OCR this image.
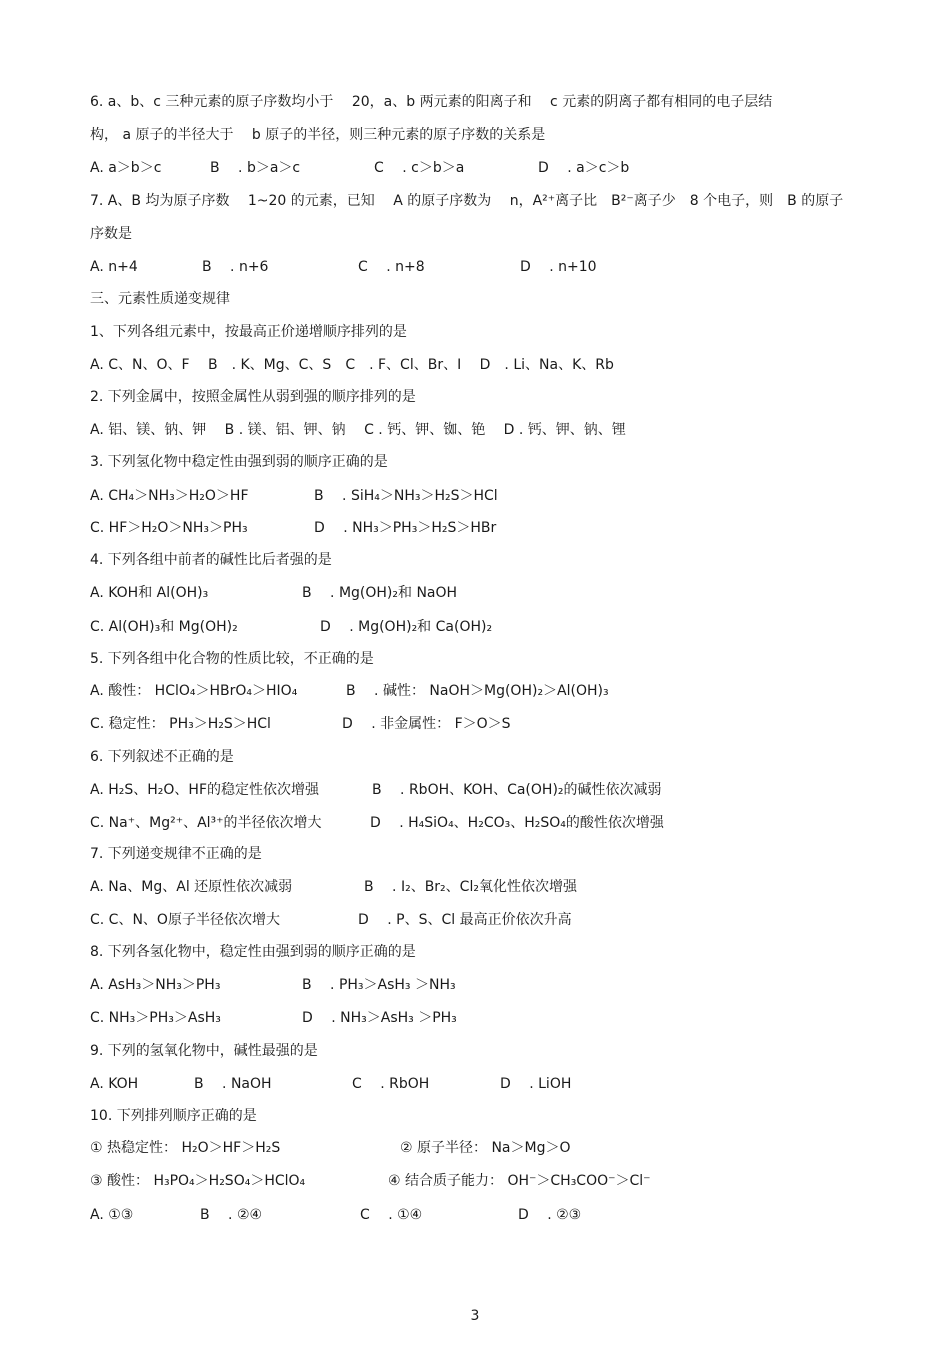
6. a、b、c 三种元素的原子序数均小于　 20，a、b 两元素的阳离子和　 c 元素的阴离子都有相同的电子层结
构， a 原子的半径大于　 b 原子的半径，则三种元素的原子序数的关系是
A. a＞b＞c	B　 . b＞a＞c	C　 . c＞b＞a	D　 . a＞c＞b
7. A、B 均为原子序数　 1~20 的元素，已知　 A 的原子序数为　 n，A²⁺离子比　B²⁻离子少　8 个电子，则　B 的原子
序数是
A. n+4	B　 . n+6	C　 . n+8	D　 . n+10
三、元素性质递变规律
1、下列各组元素中，按最高正价递增顺序排列的是
A. C、N、O、F　 B　. K、Mg、C、S　C　. F、Cl、Br、I　 D　. Li、Na、K、Rb
2. 下列金属中，按照金属性从弱到强的顺序排列的是
A. 铝、镁、钠、钾　 B . 镁、铝、钾、钠　 C . 钙、钾、铷、铯　 D . 钙、钾、钠、锂
3. 下列氢化物中稳定性由强到弱的顺序正确的是
A. CH₄＞NH₃＞H₂O＞HF	B　 . SiH₄＞NH₃＞H₂S＞HCl
C. HF＞H₂O＞NH₃＞PH₃	D　 . NH₃＞PH₃＞H₂S＞HBr
4. 下列各组中前者的碱性比后者强的是
A. KOH和 Al(OH)₃	B　 . Mg(OH)₂和 NaOH
C. Al(OH)₃和 Mg(OH)₂	D　 . Mg(OH)₂和 Ca(OH)₂
5. 下列各组中化合物的性质比较，不正确的是
A. 酸性： HClO₄＞HBrO₄＞HIO₄	B　 . 碱性： NaOH＞Mg(OH)₂＞Al(OH)₃
C. 稳定性： PH₃＞H₂S＞HCl	D　 . 非金属性： F＞O＞S
6. 下列叙述不正确的是
A. H₂S、H₂O、HF的稳定性依次增强	B　 . RbOH、KOH、Ca(OH)₂的碱性依次减弱
C. Na⁺、Mg²⁺、Al³⁺的半径依次增大	D　 . H₄SiO₄、H₂CO₃、H₂SO₄的酸性依次增强
7. 下列递变规律不正确的是
A. Na、Mg、Al 还原性依次减弱	B　 . I₂、Br₂、Cl₂氧化性依次增强
C. C、N、O原子半径依次增大	D　 . P、S、Cl 最高正价依次升高
8. 下列各氢化物中，稳定性由强到弱的顺序正确的是
A. AsH₃＞NH₃＞PH₃	B　 . PH₃＞AsH₃ ＞NH₃
C. NH₃＞PH₃＞AsH₃	D　 . NH₃＞AsH₃ ＞PH₃
9. 下列的氢氧化物中，碱性最强的是
A. KOH	B　 . NaOH	C　 . RbOH	D　 . LiOH
10. 下列排列顺序正确的是
① 热稳定性： H₂O＞HF＞H₂S	② 原子半径： Na＞Mg＞O
③ 酸性： H₃PO₄＞H₂SO₄＞HClO₄	④ 结合质子能力： OH⁻＞CH₃COO⁻＞Cl⁻
A. ①③	B　 . ②④	C　 . ①④	D　 . ②③
3
